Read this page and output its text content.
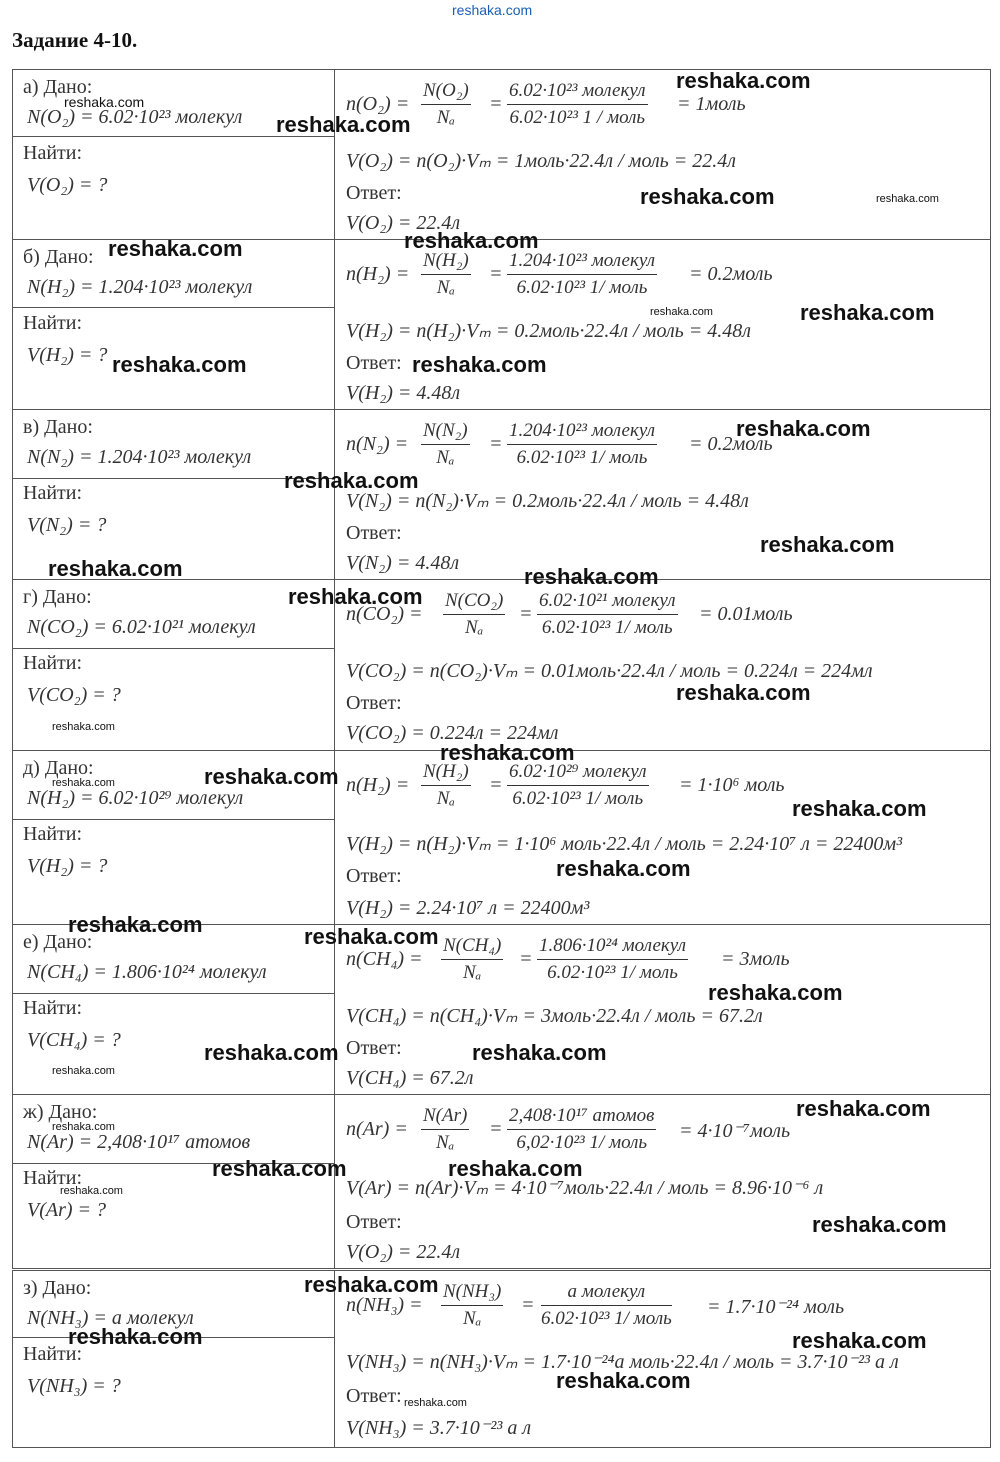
reshaka.com
Задание 4-10.
а) Дано:
N(O₂) = 6.02·10²³ молекул
Найти:
V(O₂) = ?
$n(O_2) = \frac{\text{N(O₂)}}{\text{Nₐ}}$ =
6.02·10²³ молекул
6.02·10²³ 1 / моль
= 1моль
V(O₂) = n(O₂)·Vₘ = 1моль·22.4л / моль = 22.4л
Ответ:
V(O₂) = 22.4л
б) Дано:
N(H₂) = 1.204·10²³ молекул
Найти:
V(H₂) = ?
$n(H_2) = \frac{\text{N(H₂)}}{\text{Nₐ}}$ =
1.204·10²³ молекул
6.02·10²³ 1/ моль
= 0.2моль
V(H₂) = n(H₂)·Vₘ = 0.2моль·22.4л / моль = 4.48л
Ответ:
V(H₂) = 4.48л
в) Дано:
N(N₂) = 1.204·10²³ молекул
Найти:
V(N₂) = ?
$n(N_2) = \frac{\text{N(N₂)}}{\text{Nₐ}}$ =
1.204·10²³ молекул
6.02·10²³ 1/ моль
= 0.2моль
V(N₂) = n(N₂)·Vₘ = 0.2моль·22.4л / моль = 4.48л
Ответ:
V(N₂) = 4.48л
г) Дано:
N(CO₂) = 6.02·10²¹ молекул
Найти:
V(CO₂) = ?
$n(CO_2) = \frac{\text{N(CO₂)}}{\text{Nₐ}}$ =
6.02·10²¹ молекул
6.02·10²³ 1/ моль
= 0.01моль
V(CO₂) = n(CO₂)·Vₘ = 0.01моль·22.4л / моль = 0.224л = 224мл
Ответ:
V(CO₂) = 0.224л = 224мл
д) Дано:
N(H₂) = 6.02·10²⁹ молекул
Найти:
V(H₂) = ?
$n(H_2) = \frac{\text{N(H₂)}}{\text{Nₐ}}$ =
6.02·10²⁹ молекул
6.02·10²³ 1/ моль
= 1·10⁶ моль
V(H₂) = n(H₂)·Vₘ = 1·10⁶ моль·22.4л / моль = 2.24·10⁷ л = 22400м³
Ответ:
V(H₂) = 2.24·10⁷ л = 22400м³
е) Дано:
N(CH₄) = 1.806·10²⁴ молекул
Найти:
V(CH₄) = ?
$n(CH_4) = \frac{\text{N(CH₄)}}{\text{Nₐ}}$ =
1.806·10²⁴ молекул
6.02·10²³ 1/ моль
= 3моль
V(CH₄) = n(CH₄)·Vₘ = 3моль·22.4л / моль = 67.2л
Ответ:
V(CH₄) = 67.2л
ж) Дано:
N(Ar) = 2,408·10¹⁷ атомов
Найти:
V(Ar) = ?
$n(Ar) = \frac{N(Ar)}{\text{Nₐ}}$ =
2,408·10¹⁷ атомов
6,02·10²³ 1/ моль
= 4·10⁻⁷моль
V(Ar) = n(Ar)·Vₘ = 4·10⁻⁷моль·22.4л / моль = 8.96·10⁻⁶ л
Ответ:
V(O₂) = 22.4л
з) Дано:
N(NH₃) = a молекул
Найти:
V(NH₃) = ?
$n(NH_3) = \frac{\text{N(NH₃)}}{\text{Nₐ}}$ =
a молекул
6.02·10²³ 1/ моль
= 1.7·10⁻²⁴ моль
V(NH₃) = n(NH₃)·Vₘ = 1.7·10⁻²⁴a моль·22.4л / моль = 3.7·10⁻²³ a л
Ответ:
V(NH₃) = 3.7·10⁻²³ a л
reshaka.com
reshaka.com
reshaka.com
reshaka.com	reshaka.com
reshaka.com	reshaka.com
reshaka.com
reshaka.com
reshaka.com	reshaka.com
reshaka.com
reshaka.com
reshaka.com
reshaka.com	reshaka.com
reshaka.com
reshaka.com
reshaka.com
reshaka.com
reshaka.com
reshaka.com
reshaka.com
reshaka.com
reshaka.com	reshaka.com
reshaka.com
reshaka.com	reshaka.com
reshaka.com
reshaka.com
reshaka.com
reshaka.com	reshaka.com
reshaka.com
reshaka.com
reshaka.com
reshaka.com	reshaka.com
reshaka.com
reshaka.com
